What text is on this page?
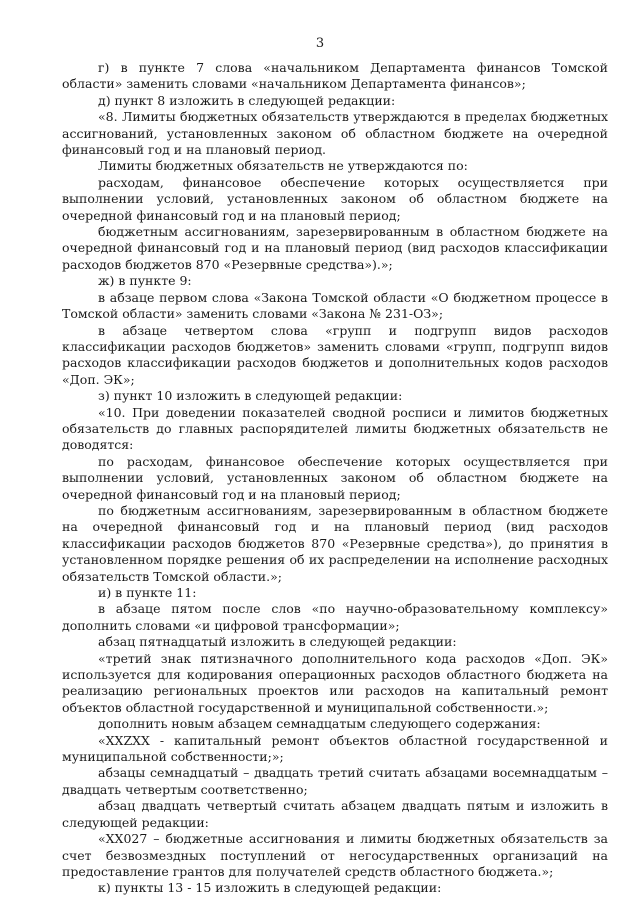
3

г) в пункте 7 слова «начальником Департамента финансов Томской области» заменить словами «начальником Департамента финансов»;

д) пункт 8 изложить в следующей редакции:

«8. Лимиты бюджетных обязательств утверждаются в пределах бюджетных ассигнований, установленных законом об областном бюджете на очередной финансовый год и на плановый период.

Лимиты бюджетных обязательств не утверждаются по:

расходам, финансовое обеспечение которых осуществляется при выполнении условий, установленных законом об областном бюджете на очередной финансовый год и на плановый период;

бюджетным ассигнованиям, зарезервированным в областном бюджете на очередной финансовый год и на плановый период (вид расходов классификации расходов бюджетов 870 «Резервные средства»).»;

ж) в пункте 9:

в абзаце первом слова «Закона Томской области «О бюджетном процессе в Томской области» заменить словами «Закона № 231-ОЗ»;

в абзаце четвертом слова «групп и подгрупп видов расходов классификации расходов бюджетов» заменить словами «групп, подгрупп видов расходов классификации расходов бюджетов и дополнительных кодов расходов «Доп. ЭК»;

з) пункт 10 изложить в следующей редакции:

«10. При доведении показателей сводной росписи и лимитов бюджетных обязательств до главных распорядителей лимиты бюджетных обязательств не доводятся:

по расходам, финансовое обеспечение которых осуществляется при выполнении условий, установленных законом об областном бюджете на очередной финансовый год и на плановый период;

по бюджетным ассигнованиям, зарезервированным в областном бюджете на очередной финансовый год и на плановый период (вид расходов классификации расходов бюджетов 870 «Резервные средства»), до принятия в установленном порядке решения об их распределении на исполнение расходных обязательств Томской области.»;

и) в пункте 11:

в абзаце пятом после слов «по научно-образовательному комплексу» дополнить словами «и цифровой трансформации»;

абзац пятнадцатый изложить в следующей редакции:

«третий знак пятизначного дополнительного кода расходов «Доп. ЭК» используется для кодирования операционных расходов областного бюджета на реализацию региональных проектов или расходов на капитальный ремонт объектов областной государственной и муниципальной собственности.»;

дополнить новым абзацем семнадцатым следующего содержания:

«XXZXX - капитальный ремонт объектов областной государственной и муниципальной собственности;»;

абзацы семнадцатый – двадцать третий считать абзацами восемнадцатым – двадцать четвертым соответственно;

абзац двадцать четвертый считать абзацем двадцать пятым и изложить в следующей редакции:

«XX027 – бюджетные ассигнования и лимиты бюджетных обязательств за счет безвозмездных поступлений от негосударственных организаций на предоставление грантов для получателей средств областного бюджета.»;

к) пункты 13 - 15 изложить в следующей редакции:
